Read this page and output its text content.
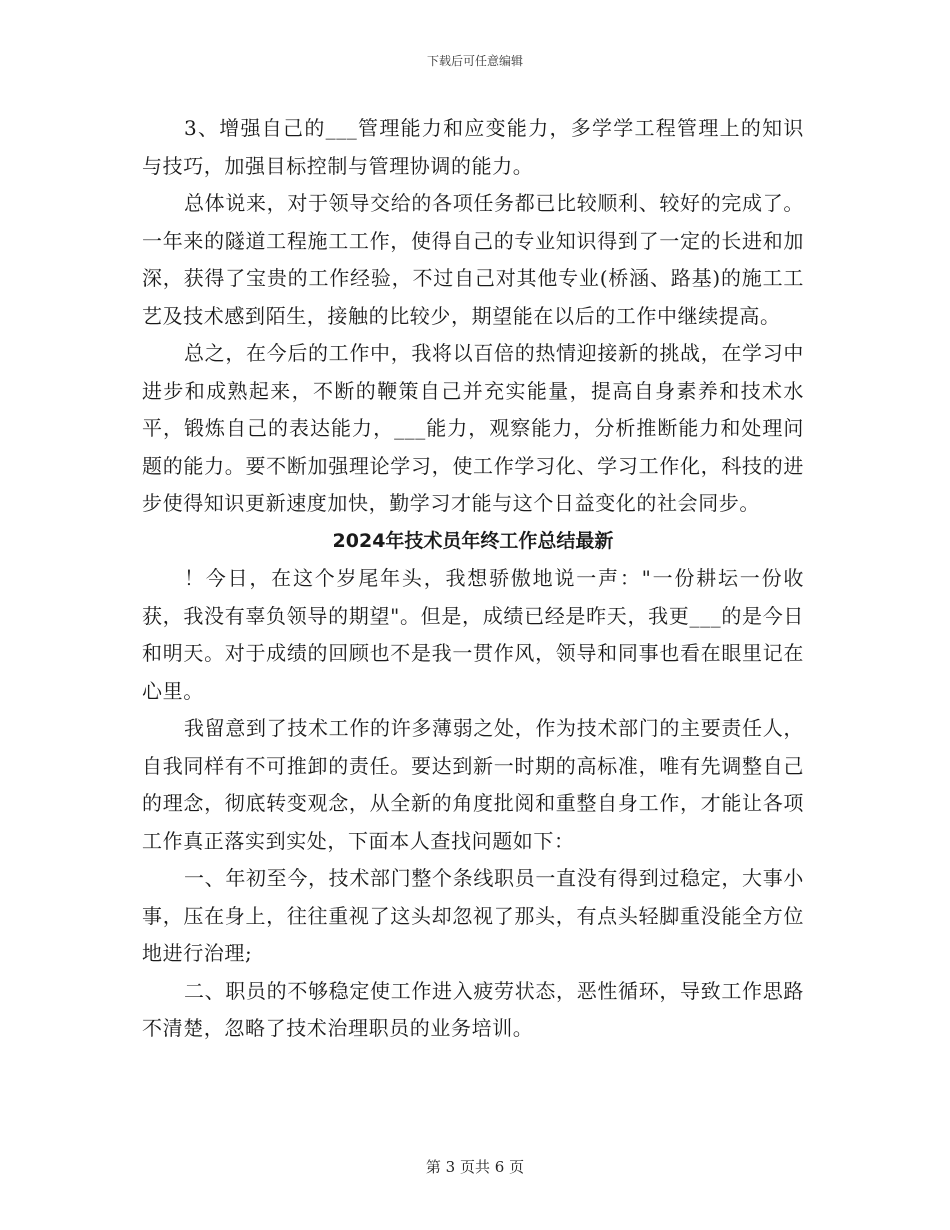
下载后可任意编辑

3、增强自己的___管理能力和应变能力，多学学工程管理上的知识与技巧，加强目标控制与管理协调的能力。

总体说来，对于领导交给的各项任务都已比较顺利、较好的完成了。一年来的隧道工程施工工作，使得自己的专业知识得到了一定的长进和加深，获得了宝贵的工作经验，不过自己对其他专业(桥涵、路基)的施工工艺及技术感到陌生，接触的比较少，期望能在以后的工作中继续提高。

总之，在今后的工作中，我将以百倍的热情迎接新的挑战，在学习中进步和成熟起来，不断的鞭策自己并充实能量，提高自身素养和技术水平，锻炼自己的表达能力，___能力，观察能力，分析推断能力和处理问题的能力。要不断加强理论学习，使工作学习化、学习工作化，科技的进步使得知识更新速度加快，勤学习才能与这个日益变化的社会同步。

2024年技术员年终工作总结最新

！今日，在这个岁尾年头，我想骄傲地说一声："一份耕坛一份收获，我没有辜负领导的期望"。但是，成绩已经是昨天，我更___的是今日和明天。对于成绩的回顾也不是我一贯作风，领导和同事也看在眼里记在心里。

我留意到了技术工作的许多薄弱之处，作为技术部门的主要责任人，自我同样有不可推卸的责任。要达到新一时期的高标准，唯有先调整自己的理念，彻底转变观念，从全新的角度批阅和重整自身工作，才能让各项工作真正落实到实处，下面本人查找问题如下：

一、年初至今，技术部门整个条线职员一直没有得到过稳定，大事小事，压在身上，往往重视了这头却忽视了那头，有点头轻脚重没能全方位地进行治理;

二、职员的不够稳定使工作进入疲劳状态，恶性循环，导致工作思路不清楚，忽略了技术治理职员的业务培训。

第 3 页共 6 页
